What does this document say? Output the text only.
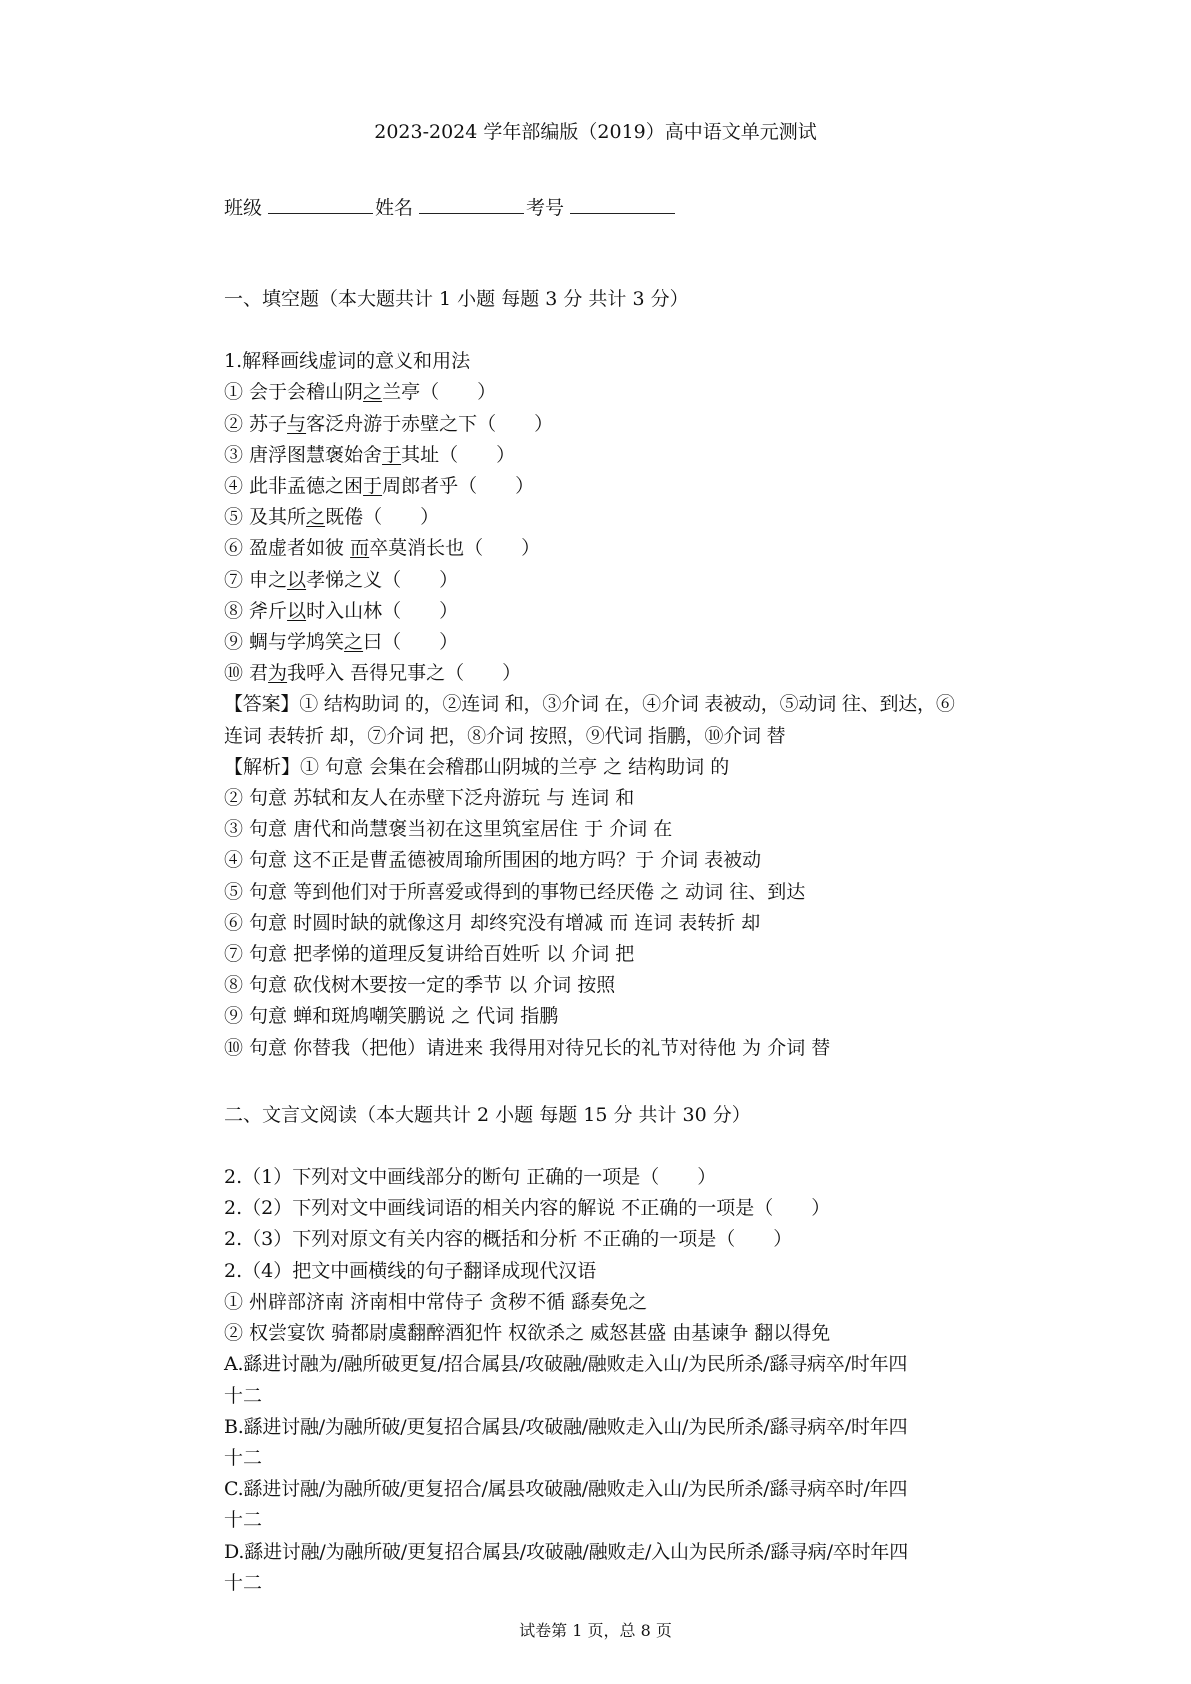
2023-2024 学年部编版（2019）高中语文单元测试
班级	姓名	考号

一、填空题（本大题共计 1 小题 每题 3 分 共计 3 分）

1.解释画线虚词的意义和用法

① 会于会稽山阴之兰亭（　　）

② 苏子与客泛舟游于赤壁之下（　　）

③ 唐浮图慧褒始舍于其址（　　）

④ 此非孟德之困于周郎者乎（　　）

⑤ 及其所之既倦（　　）

⑥ 盈虚者如彼 而卒莫消长也（　　）

⑦ 申之以孝悌之义（　　）

⑧ 斧斤以时入山林（　　）

⑨ 蜩与学鸠笑之曰（　　）

⑩ 君为我呼入 吾得兄事之（　　）

【答案】① 结构助词 的，②连词 和，③介词 在，④介词 表被动，⑤动词 往、到达，⑥

连词 表转折 却，⑦介词 把，⑧介词 按照，⑨代词 指鹏，⑩介词 替

【解析】① 句意 会集在会稽郡山阴城的兰亭 之 结构助词 的

② 句意 苏轼和友人在赤壁下泛舟游玩 与 连词 和

③ 句意 唐代和尚慧褒当初在这里筑室居住 于 介词 在

④ 句意 这不正是曹孟德被周瑜所围困的地方吗？于 介词 表被动

⑤ 句意 等到他们对于所喜爱或得到的事物已经厌倦 之 动词 往、到达

⑥ 句意 时圆时缺的就像这月 却终究没有增减 而 连词 表转折 却

⑦ 句意 把孝悌的道理反复讲给百姓听 以 介词 把

⑧ 句意 砍伐树木要按一定的季节 以 介词 按照

⑨ 句意 蝉和斑鸠嘲笑鹏说 之 代词 指鹏

⑩ 句意 你替我（把他）请进来 我得用对待兄长的礼节对待他 为 介词 替

二、文言文阅读（本大题共计 2 小题 每题 15 分 共计 30 分）

2.（1）下列对文中画线部分的断句 正确的一项是（　　）

2.（2）下列对文中画线词语的相关内容的解说 不正确的一项是（　　）

2.（3）下列对原文有关内容的概括和分析 不正确的一项是（　　）

2.（4）把文中画横线的句子翻译成现代汉语

① 州辟部济南 济南相中常侍子 贪秽不循 繇奏免之

② 权尝宴饮 骑都尉虞翻醉酒犯忤 权欲杀之 威怒甚盛 由基谏争 翻以得免

A.繇进讨融为/融所破更复/招合属县/攻破融/融败走入山/为民所杀/繇寻病卒/时年四

十二

B.繇进讨融/为融所破/更复招合属县/攻破融/融败走入山/为民所杀/繇寻病卒/时年四

十二

C.繇进讨融/为融所破/更复招合/属县攻破融/融败走入山/为民所杀/繇寻病卒时/年四

十二

D.繇进讨融/为融所破/更复招合属县/攻破融/融败走/入山为民所杀/繇寻病/卒时年四

十二

试卷第 1 页，总 8 页
